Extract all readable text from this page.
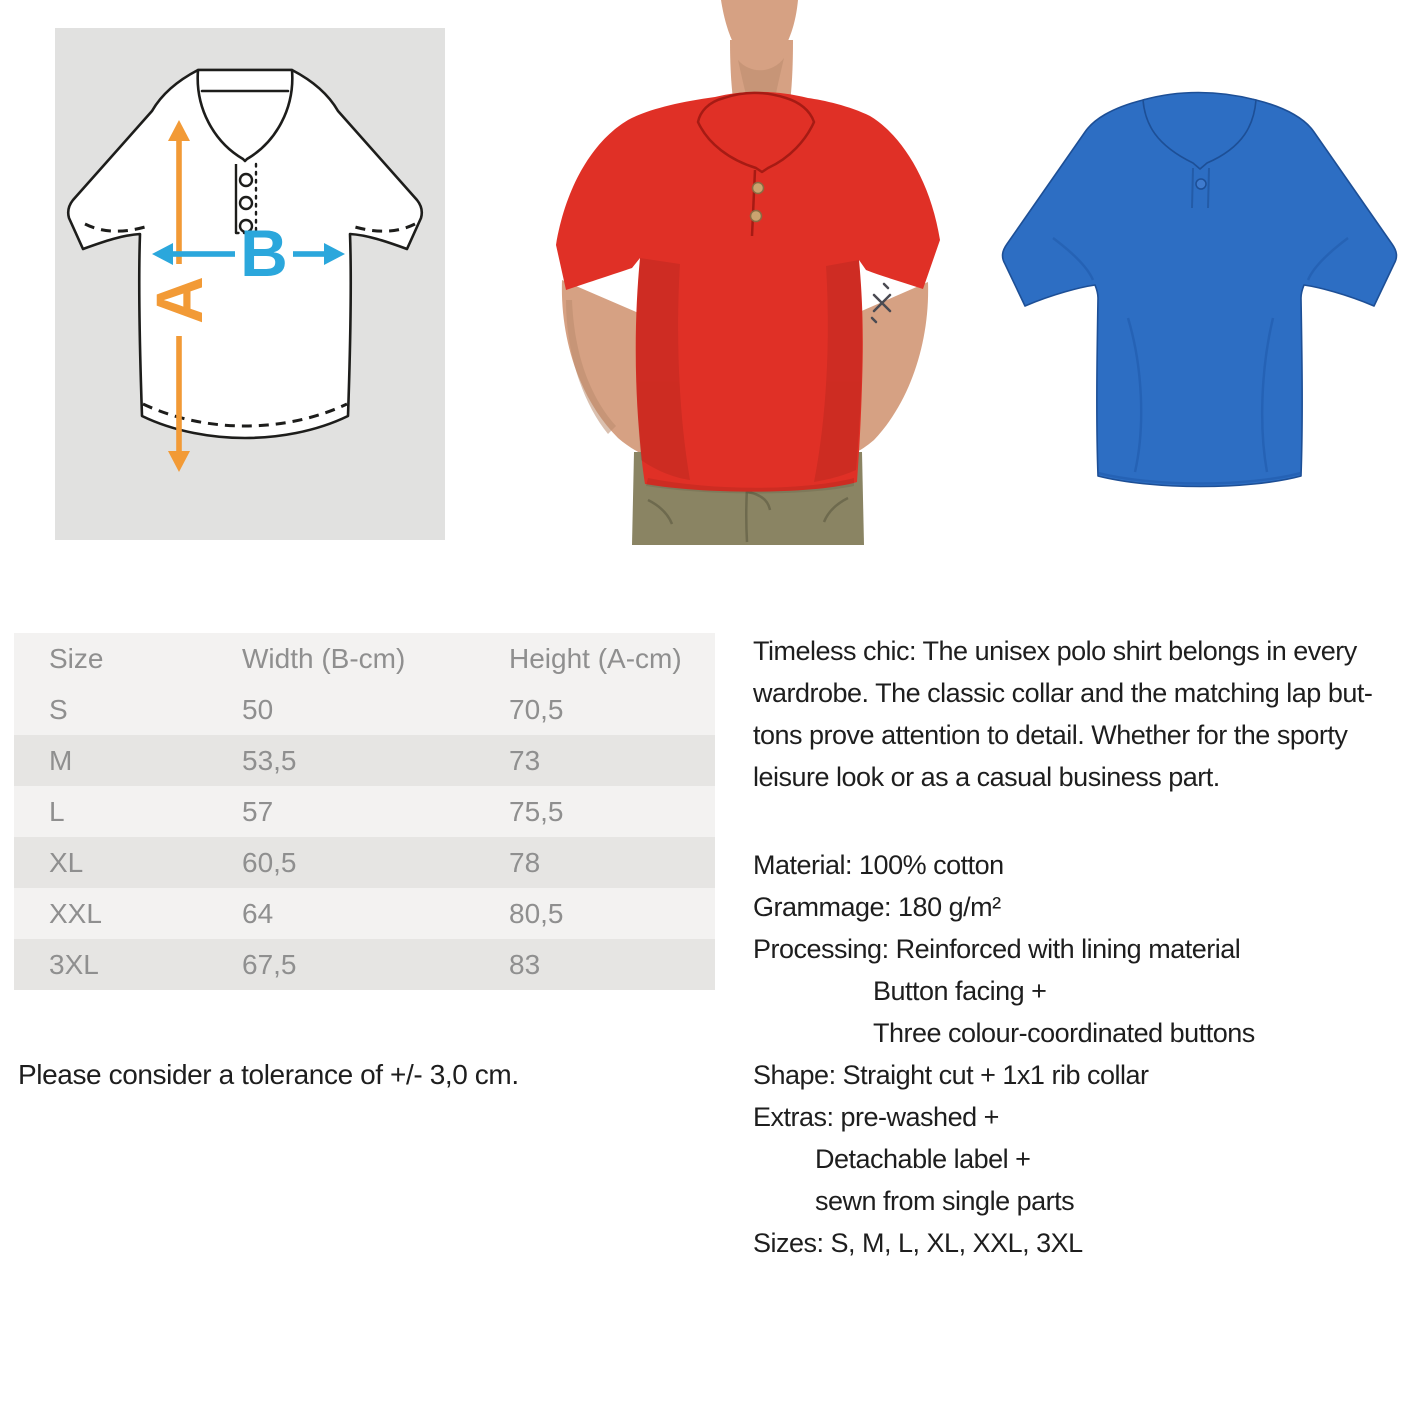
A
B
Size	Width (B-cm)	Height (A-cm)
S	50	70,5
M	53,5	73
L	57	75,5
XL	60,5	78
XXL	64	80,5
3XL	67,5	83
Please consider a tolerance of +/- 3,0 cm.
Timeless chic: The unisex polo shirt belongs in every
wardrobe. The classic collar and the matching lap but-
tons prove attention to detail. Whether for the sporty
leisure look or as a casual business part.
Material: 100% cotton
Grammage: 180 g/m²
Processing: Reinforced with lining material
Button facing +
Three colour-coordinated buttons
Shape: Straight cut + 1x1 rib collar
Extras: pre-washed +
Detachable label +
sewn from single parts
Sizes: S, M, L, XL, XXL, 3XL
